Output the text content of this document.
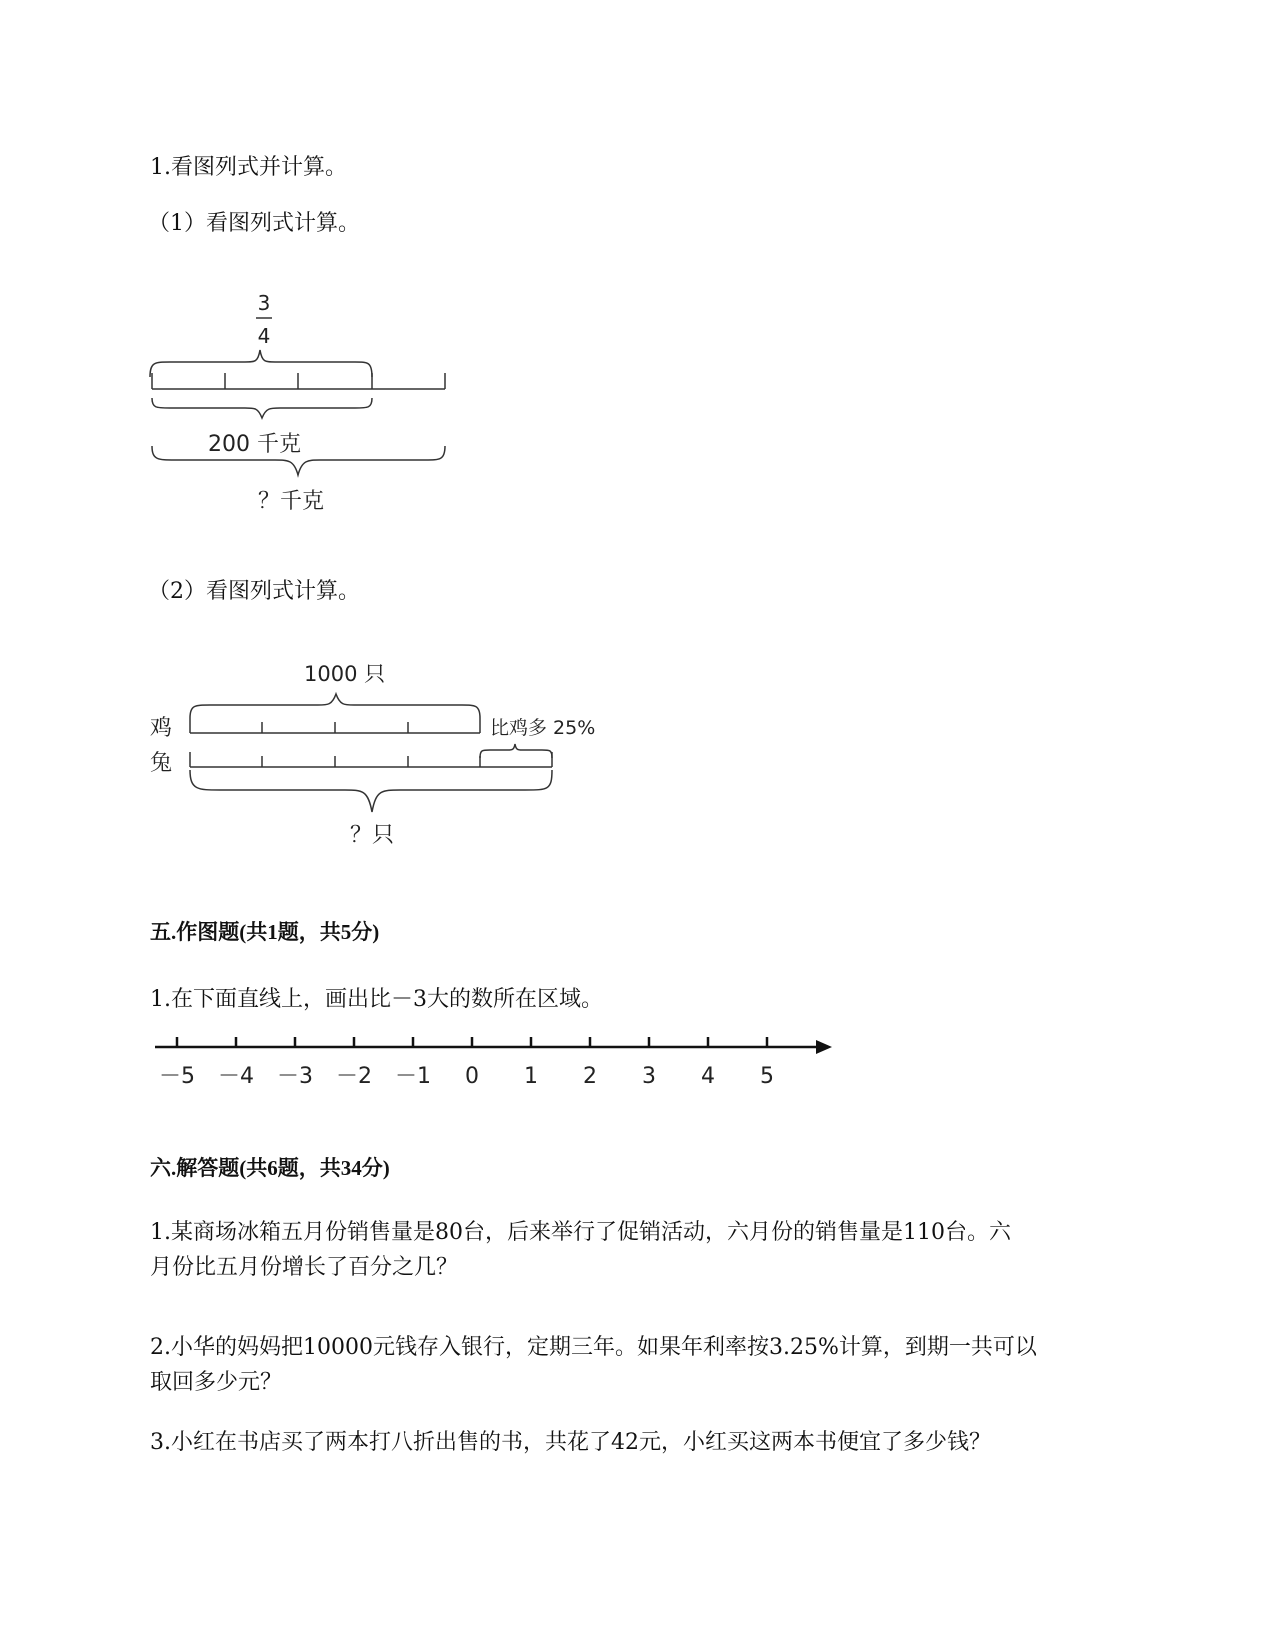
1.看图列式并计算。
（1）看图列式计算。
3
4
200 千克
？千克
（2）看图列式计算。
1000 只
鸡
兔
比鸡多 25%
？只
五.作图题(共1题，共5分)
1.在下面直线上，画出比－3大的数所在区域。
－5 －4 －3 －2 －1 0 1 2 3 4 5
六.解答题(共6题，共34分)
1.某商场冰箱五月份销售量是80台，后来举行了促销活动，六月份的销售量是110台。六
月份比五月份增长了百分之几？
2.小华的妈妈把10000元钱存入银行，定期三年。如果年利率按3.25%计算，到期一共可以
取回多少元？
3.小红在书店买了两本打八折出售的书，共花了42元，小红买这两本书便宜了多少钱？
